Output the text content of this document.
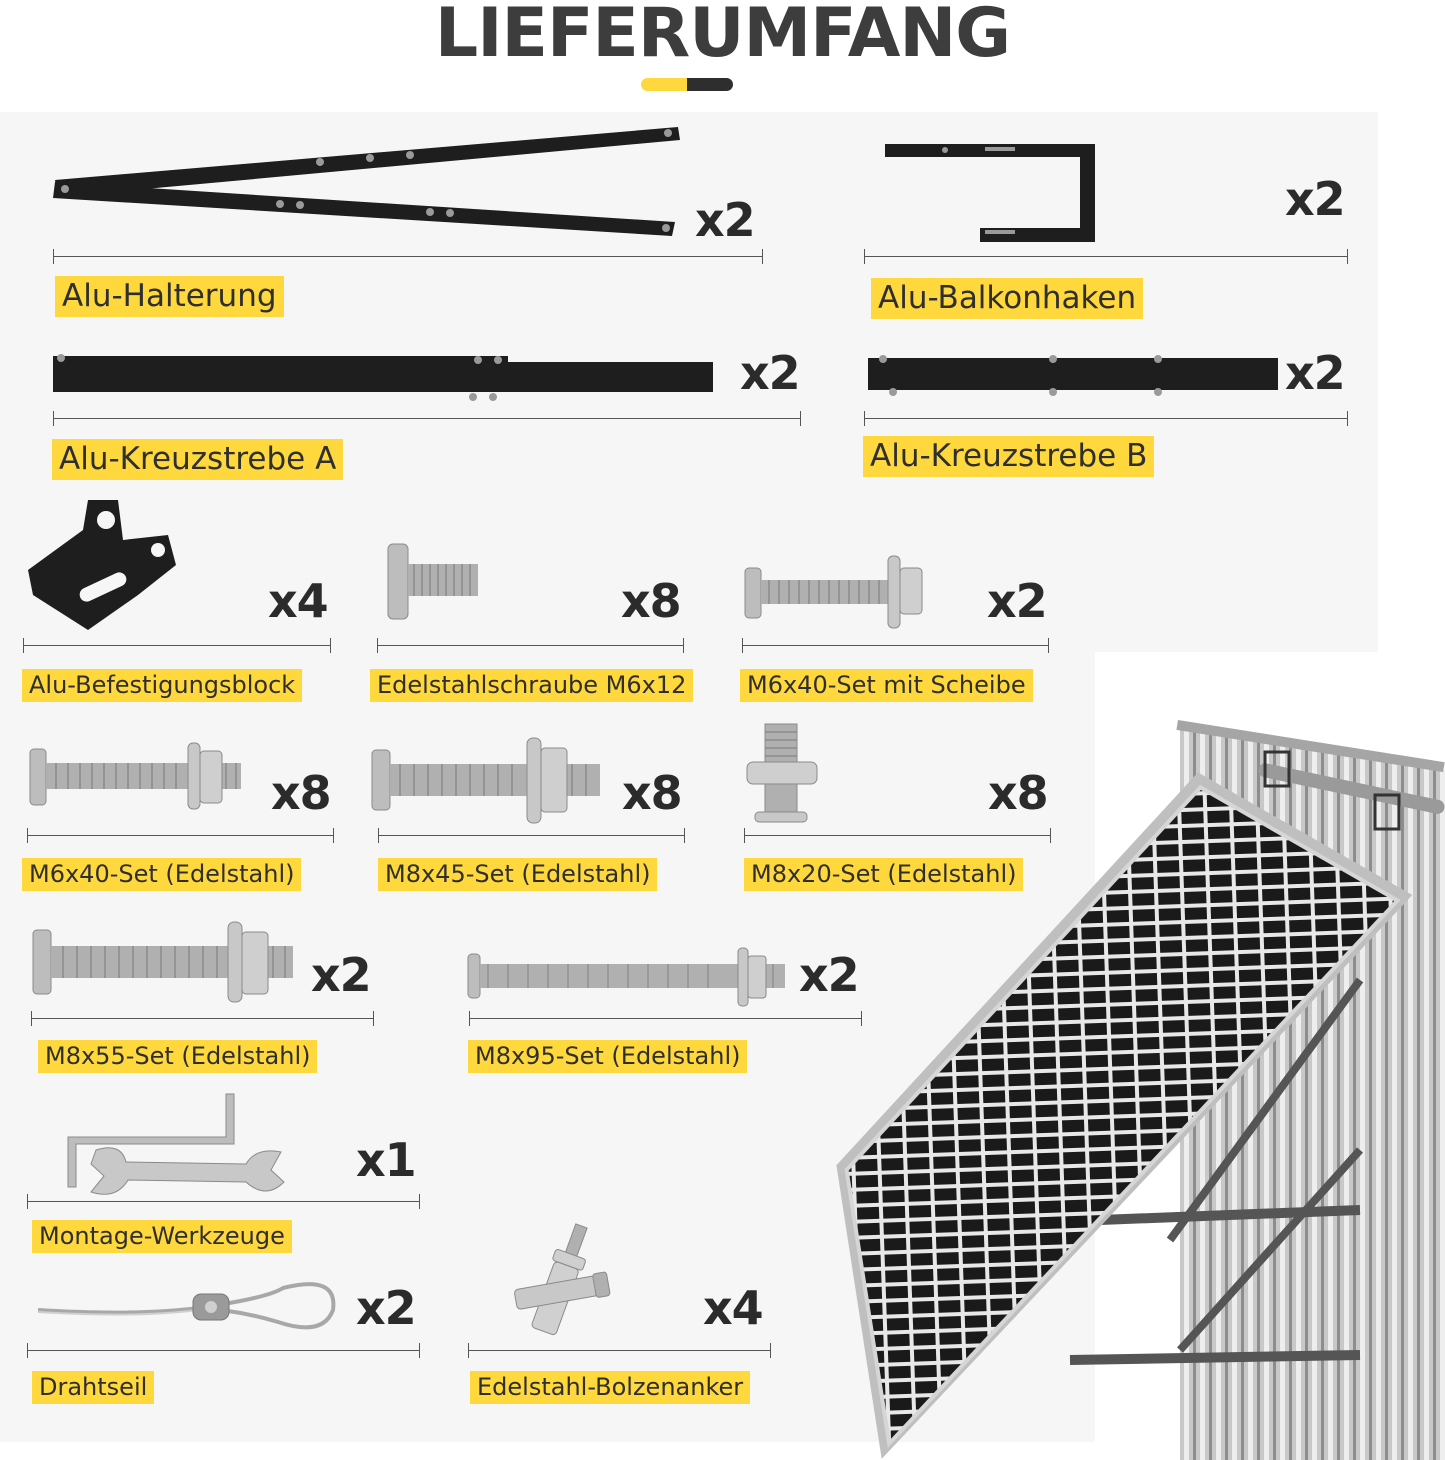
LIEFERUMFANG
x2
Alu-Halterung
x2
Alu-Balkonhaken
x2
Alu-Kreuzstrebe A
x2
Alu-Kreuzstrebe B
x4
Alu-Befestigungsblock
x8
Edelstahlschraube M6x12
x2
M6x40-Set mit Scheibe
x8
M6x40-Set (Edelstahl)
x8
M8x45-Set (Edelstahl)
x8
M8x20-Set (Edelstahl)
x2
M8x55-Set (Edelstahl)
x2
M8x95-Set (Edelstahl)
x1
Montage-Werkzeuge
x2
Drahtseil
x4
Edelstahl-Bolzenanker
